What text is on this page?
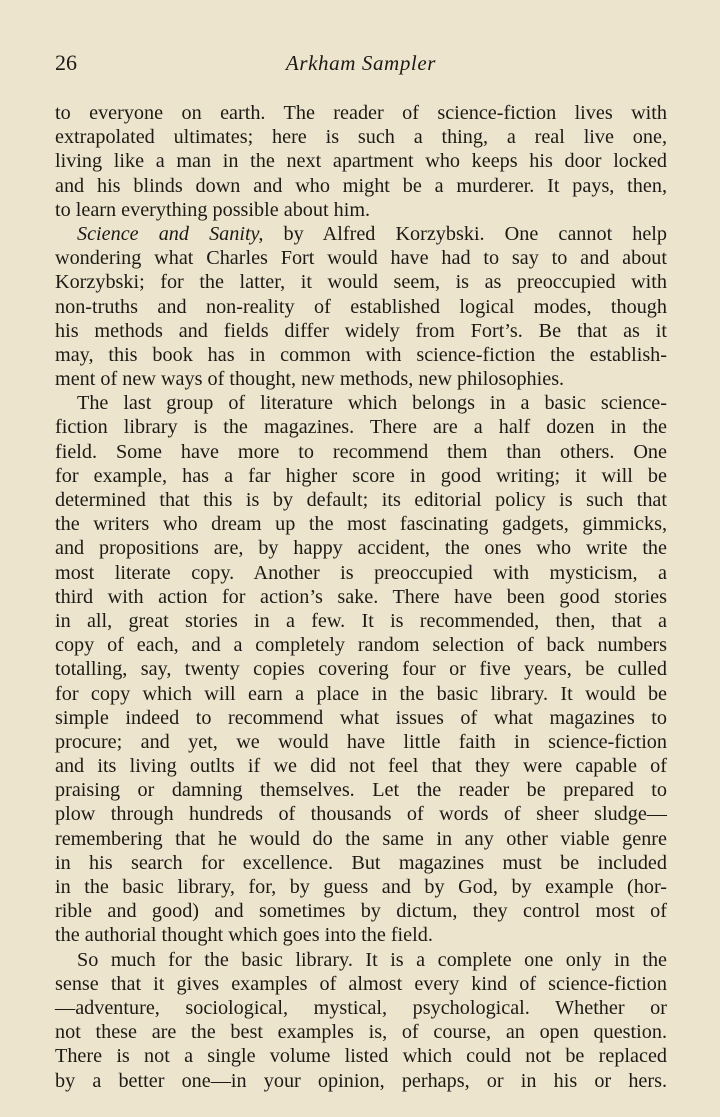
26	Arkham Sampler
to everyone on earth. The reader of science-fiction lives with
extrapolated ultimates; here is such a thing, a real live one,
living like a man in the next apartment who keeps his door locked
and his blinds down and who might be a murderer. It pays, then,
to learn everything possible about him.
Science and Sanity, by Alfred Korzybski. One cannot help
wondering what Charles Fort would have had to say to and about
Korzybski; for the latter, it would seem, is as preoccupied with
non-truths and non-reality of established logical modes, though
his methods and fields differ widely from Fort’s. Be that as it
may, this book has in common with science-fiction the establish-
ment of new ways of thought, new methods, new philosophies.
The last group of literature which belongs in a basic science-
fiction library is the magazines. There are a half dozen in the
field. Some have more to recommend them than others. One
for example, has a far higher score in good writing; it will be
determined that this is by default; its editorial policy is such that
the writers who dream up the most fascinating gadgets, gimmicks,
and propositions are, by happy accident, the ones who write the
most literate copy. Another is preoccupied with mysticism, a
third with action for action’s sake. There have been good stories
in all, great stories in a few. It is recommended, then, that a
copy of each, and a completely random selection of back numbers
totalling, say, twenty copies covering four or five years, be culled
for copy which will earn a place in the basic library. It would be
simple indeed to recommend what issues of what magazines to
procure; and yet, we would have little faith in science-fiction
and its living outlts if we did not feel that they were capable of
praising or damning themselves. Let the reader be prepared to
plow through hundreds of thousands of words of sheer sludge—
remembering that he would do the same in any other viable genre
in his search for excellence. But magazines must be included
in the basic library, for, by guess and by God, by example (hor-
rible and good) and sometimes by dictum, they control most of
the authorial thought which goes into the field.
So much for the basic library. It is a complete one only in the
sense that it gives examples of almost every kind of science-fiction
—adventure, sociological, mystical, psychological. Whether or
not these are the best examples is, of course, an open question.
There is not a single volume listed which could not be replaced
by a better one—in your opinion, perhaps, or in his or hers.
